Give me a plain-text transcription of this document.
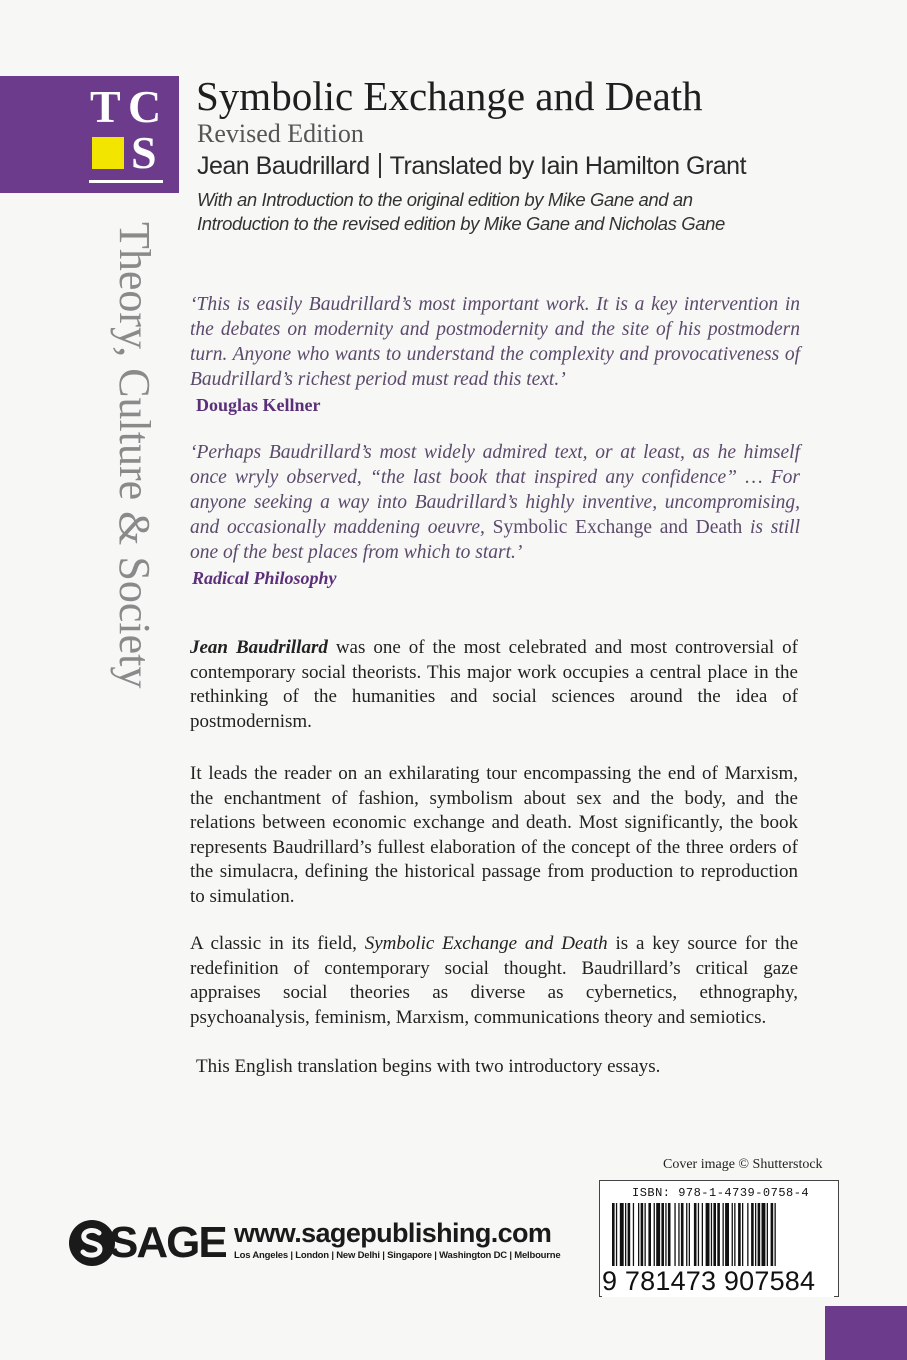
T C
S
Theory, Culture & Society
Symbolic Exchange and Death
Revised Edition
Jean Baudrillard Translated by Iain Hamilton Grant
With an Introduction to the original edition by Mike Gane and an
Introduction to the revised edition by Mike Gane and Nicholas Gane
‘This is easily Baudrillard’s most important work. It is a key intervention in the debates on modernity and postmodernity and the site of his postmodern turn. Anyone who wants to understand the complexity and provocativeness of Baudrillard’s richest period must read this text.’
Douglas Kellner
‘Perhaps Baudrillard’s most widely admired text, or at least, as he himself once wryly observed, “the last book that inspired any confidence” … For anyone seeking a way into Baudrillard’s highly inventive, uncompromising, and occasionally maddening oeuvre, Symbolic Exchange and Death is still one of the best places from which to start.’
Radical Philosophy
Jean Baudrillard was one of the most celebrated and most controversial of contemporary social theorists. This major work occupies a central place in the rethinking of the humanities and social sciences around the idea of postmodernism.
It leads the reader on an exhilarating tour encompassing the end of Marxism, the enchantment of fashion, symbolism about sex and the body, and the relations between economic exchange and death. Most significantly, the book represents Baudrillard’s fullest elaboration of the concept of the three orders of the simulacra, defining the historical passage from production to reproduction to simulation.
A classic in its field, Symbolic Exchange and Death is a key source for the redefinition of contemporary social thought. Baudrillard’s critical gaze appraises social theories as diverse as cybernetics, ethnography, psychoanalysis, feminism, Marxism, communications theory and semiotics.
This English translation begins with two introductory essays.
Cover image © Shutterstock
ISBN: 978-1-4739-0758-4
9 781473 907584
SAGE www.sagepublishing.com
Los Angeles | London | New Delhi | Singapore | Washington DC | Melbourne
